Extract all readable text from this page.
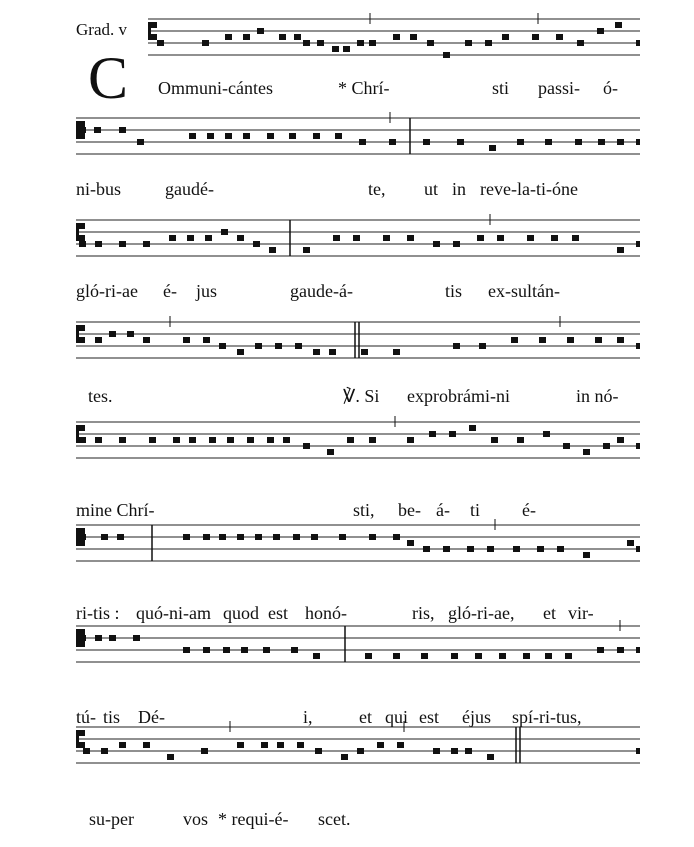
Grad. v
C Ommuni-cántes	* Chrí-	sti passi- ó-
ni-bus gaudé-	te, ut in reve-la-ti-óne
gló-ri-ae é- jus	gaude-á-	tis ex-sultán-
tes.	℣. Si exprobrámi-ni	in nó-
mine Chrí-	sti, be- á- ti é-
ri-tis : quó-ni-am quod est honó-	ris, gló-ri-ae, et vir-
tú- tis Dé-	i,	et qui est éjus spí-ri-tus,
su-per	vos * requi-é- scet.
